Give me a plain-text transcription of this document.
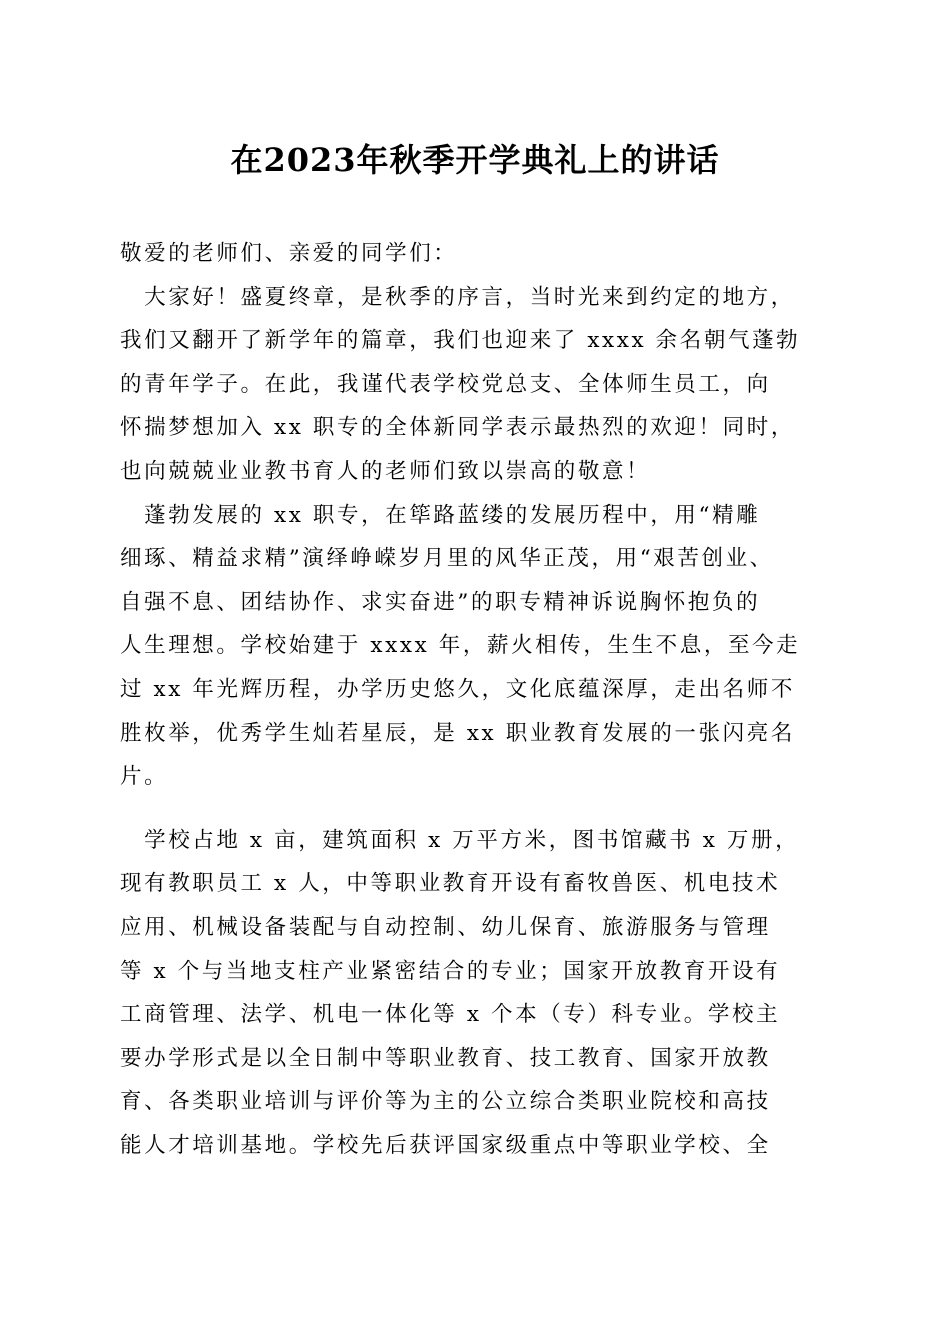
在2023年秋季开学典礼上的讲话
敬爱的老师们、亲爱的同学们：
　大家好！盛夏终章，是秋季的序言，当时光来到约定的地方，
我们又翻开了新学年的篇章，我们也迎来了 xxxx 余名朝气蓬勃
的青年学子。在此，我谨代表学校党总支、全体师生员工，向
怀揣梦想加入 xx 职专的全体新同学表示最热烈的欢迎！同时，
也向兢兢业业教书育人的老师们致以崇高的敬意！
　蓬勃发展的 xx 职专，在筚路蓝缕的发展历程中，用“精雕
细琢、精益求精”演绎峥嵘岁月里的风华正茂，用“艰苦创业、
自强不息、团结协作、求实奋进”的职专精神诉说胸怀抱负的
人生理想。学校始建于 xxxx 年，薪火相传，生生不息，至今走
过 xx 年光辉历程，办学历史悠久，文化底蕴深厚，走出名师不
胜枚举，优秀学生灿若星辰，是 xx 职业教育发展的一张闪亮名
片。
　学校占地 x 亩，建筑面积 x 万平方米，图书馆藏书 x 万册，
现有教职员工 x 人，中等职业教育开设有畜牧兽医、机电技术
应用、机械设备装配与自动控制、幼儿保育、旅游服务与管理
等 x 个与当地支柱产业紧密结合的专业；国家开放教育开设有
工商管理、法学、机电一体化等 x 个本（专）科专业。学校主
要办学形式是以全日制中等职业教育、技工教育、国家开放教
育、各类职业培训与评价等为主的公立综合类职业院校和高技
能人才培训基地。学校先后获评国家级重点中等职业学校、全
